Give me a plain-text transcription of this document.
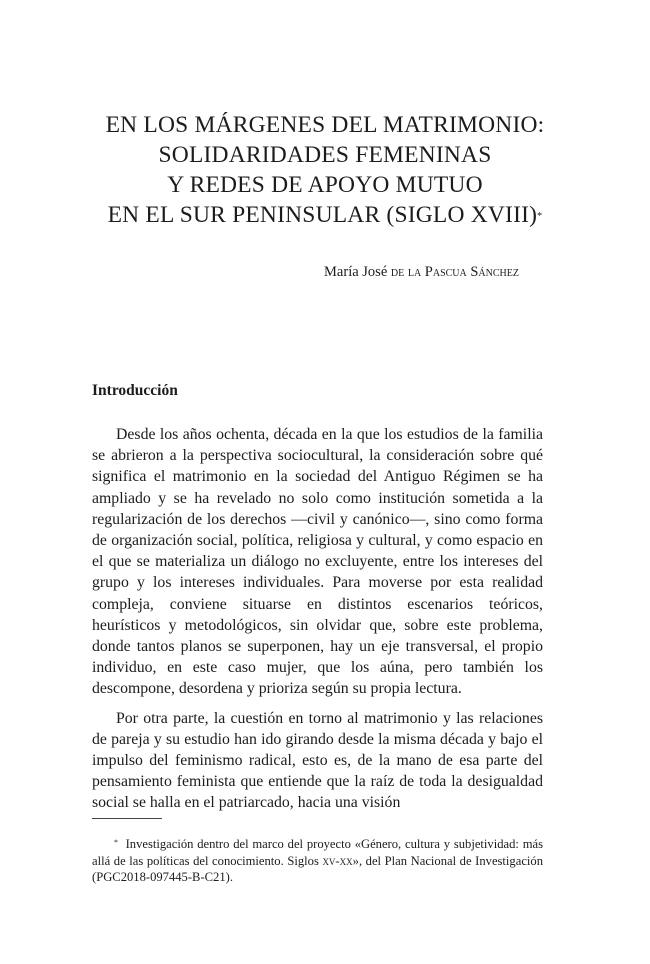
EN LOS MÁRGENES DEL MATRIMONIO:
SOLIDARIDADES FEMENINAS
Y REDES DE APOYO MUTUO
EN EL SUR PENINSULAR (SIGLO XVIII)*
María José de la Pascua Sánchez
Introducción

Desde los años ochenta, década en la que los estudios de la familia se abrieron a la perspectiva sociocultural, la consideración sobre qué significa el matrimonio en la sociedad del Antiguo Régimen se ha ampliado y se ha revelado no solo como institución sometida a la regularización de los derechos —civil y canónico—, sino como forma de organización social, política, religiosa y cultural, y como espacio en el que se materializa un diálogo no excluyente, entre los intereses del grupo y los intereses individuales. Para moverse por esta realidad compleja, conviene situarse en distintos escenarios teóricos, heurísticos y metodológicos, sin olvidar que, sobre este problema, donde tantos planos se superponen, hay un eje transversal, el propio individuo, en este caso mujer, que los aúna, pero también los descompone, desordena y prioriza según su propia lectura.

Por otra parte, la cuestión en torno al matrimonio y las relaciones de pareja y su estudio han ido girando desde la misma década y bajo el impulso del feminismo radical, esto es, de la mano de esa parte del pensamiento feminista que entiende que la raíz de toda la desigualdad social se halla en el patriarcado, hacia una visión

* Investigación dentro del marco del proyecto «Género, cultura y subjetividad: más allá de las políticas del conocimiento. Siglos xv-xx», del Plan Nacional de Investigación (PGC2018-097445-B-C21).
